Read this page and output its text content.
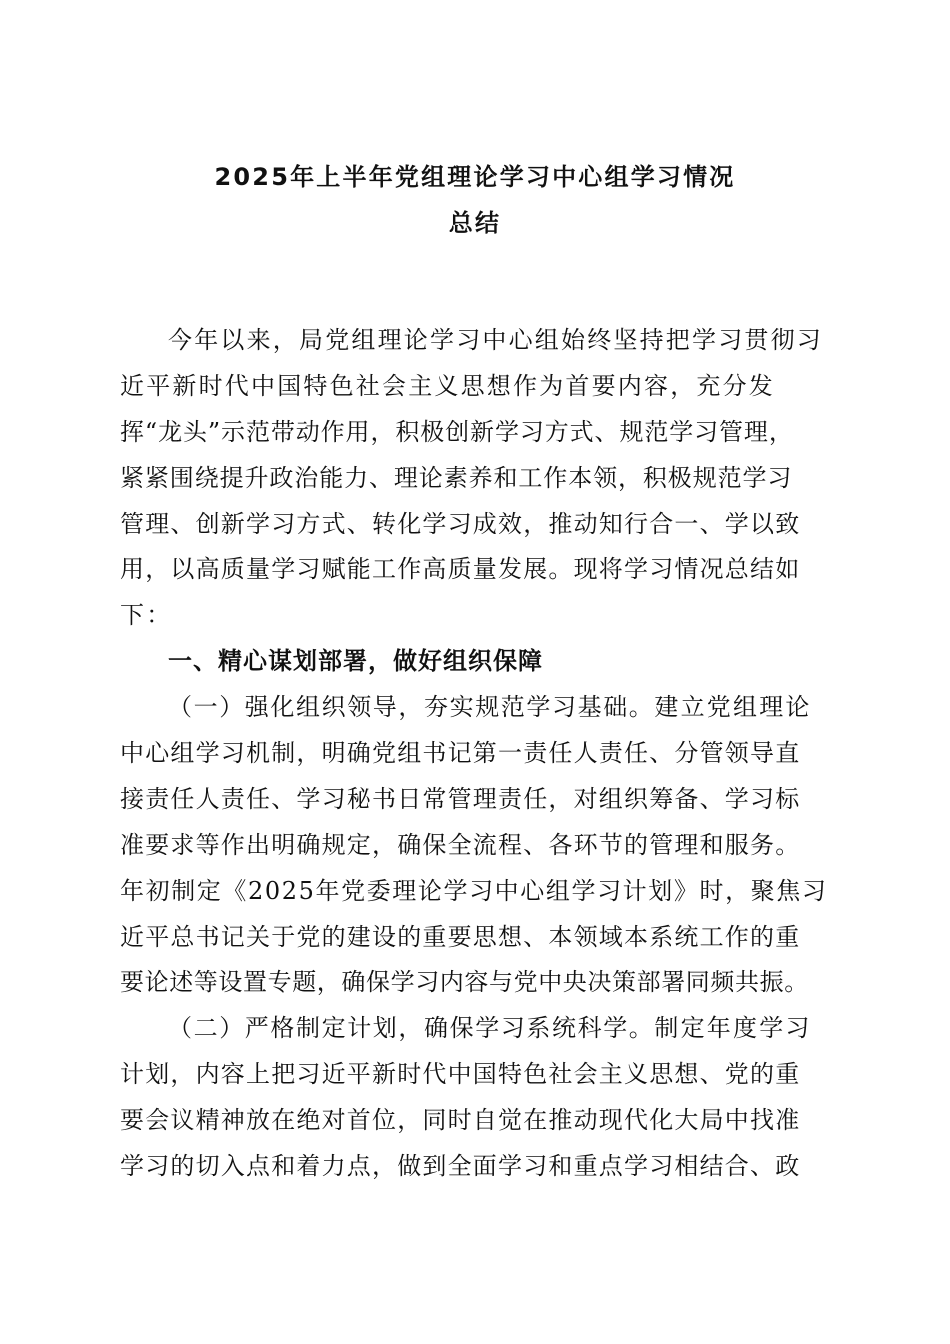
2025年上半年党组理论学习中心组学习情况
总结
今年以来，局党组理论学习中心组始终坚持把学习贯彻习
近平新时代中国特色社会主义思想作为首要内容，充分发
挥“龙头”示范带动作用，积极创新学习方式、规范学习管理，
紧紧围绕提升政治能力、理论素养和工作本领，积极规范学习
管理、创新学习方式、转化学习成效，推动知行合一、学以致
用，以高质量学习赋能工作高质量发展。现将学习情况总结如
下：
一、精心谋划部署，做好组织保障
（一）强化组织领导，夯实规范学习基础。建立党组理论
中心组学习机制，明确党组书记第一责任人责任、分管领导直
接责任人责任、学习秘书日常管理责任，对组织筹备、学习标
准要求等作出明确规定，确保全流程、各环节的管理和服务。
年初制定《2025年党委理论学习中心组学习计划》时，聚焦习
近平总书记关于党的建设的重要思想、本领域本系统工作的重
要论述等设置专题，确保学习内容与党中央决策部署同频共振。
（二）严格制定计划，确保学习系统科学。制定年度学习
计划，内容上把习近平新时代中国特色社会主义思想、党的重
要会议精神放在绝对首位，同时自觉在推动现代化大局中找准
学习的切入点和着力点，做到全面学习和重点学习相结合、政
